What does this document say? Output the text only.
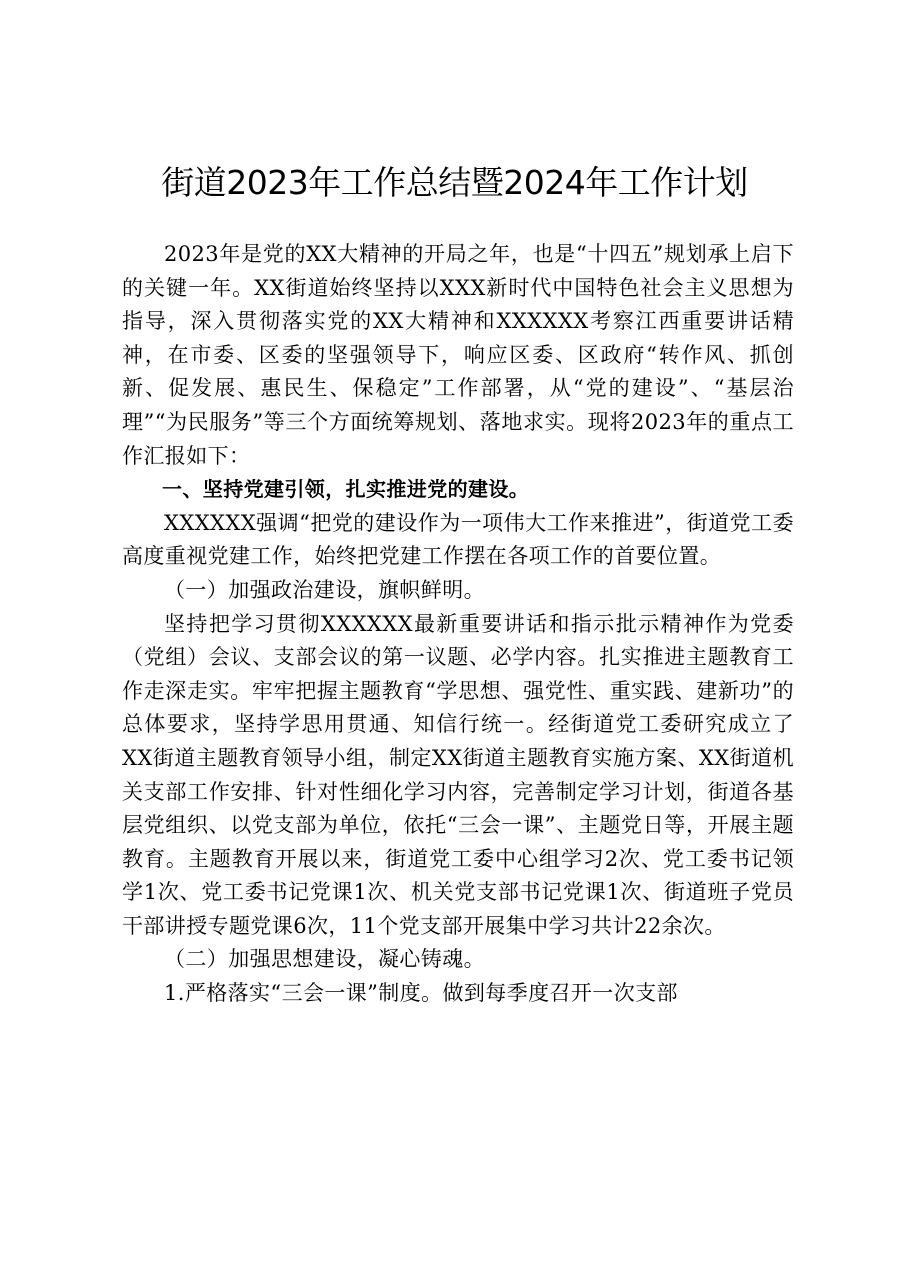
街道2023年工作总结暨2024年工作计划

2023年是党的XX大精神的开局之年，也是“十四五”规划承上启下的关键一年。XX街道始终坚持以XXX新时代中国特色社会主义思想为指导，深入贯彻落实党的XX大精神和XXXXXX考察江西重要讲话精神，在市委、区委的坚强领导下，响应区委、区政府“转作风、抓创新、促发展、惠民生、保稳定”工作部署，从“党的建设”、“基层治理”“为民服务”等三个方面统筹规划、落地求实。现将2023年的重点工作汇报如下：

一、坚持党建引领，扎实推进党的建设。

XXXXXX强调“把党的建设作为一项伟大工作来推进”，街道党工委高度重视党建工作，始终把党建工作摆在各项工作的首要位置。

（一）加强政治建设，旗帜鲜明。

坚持把学习贯彻XXXXXX最新重要讲话和指示批示精神作为党委（党组）会议、支部会议的第一议题、必学内容。扎实推进主题教育工作走深走实。牢牢把握主题教育“学思想、强党性、重实践、建新功”的总体要求，坚持学思用贯通、知信行统一。经街道党工委研究成立了XX街道主题教育领导小组，制定XX街道主题教育实施方案、XX街道机关支部工作安排、针对性细化学习内容，完善制定学习计划，街道各基层党组织、以党支部为单位，依托“三会一课”、主题党日等，开展主题教育。主题教育开展以来，街道党工委中心组学习2次、党工委书记领学1次、党工委书记党课1次、机关党支部书记党课1次、街道班子党员干部讲授专题党课6次，11个党支部开展集中学习共计22余次。

（二）加强思想建设，凝心铸魂。

1.严格落实“三会一课”制度。做到每季度召开一次支部
